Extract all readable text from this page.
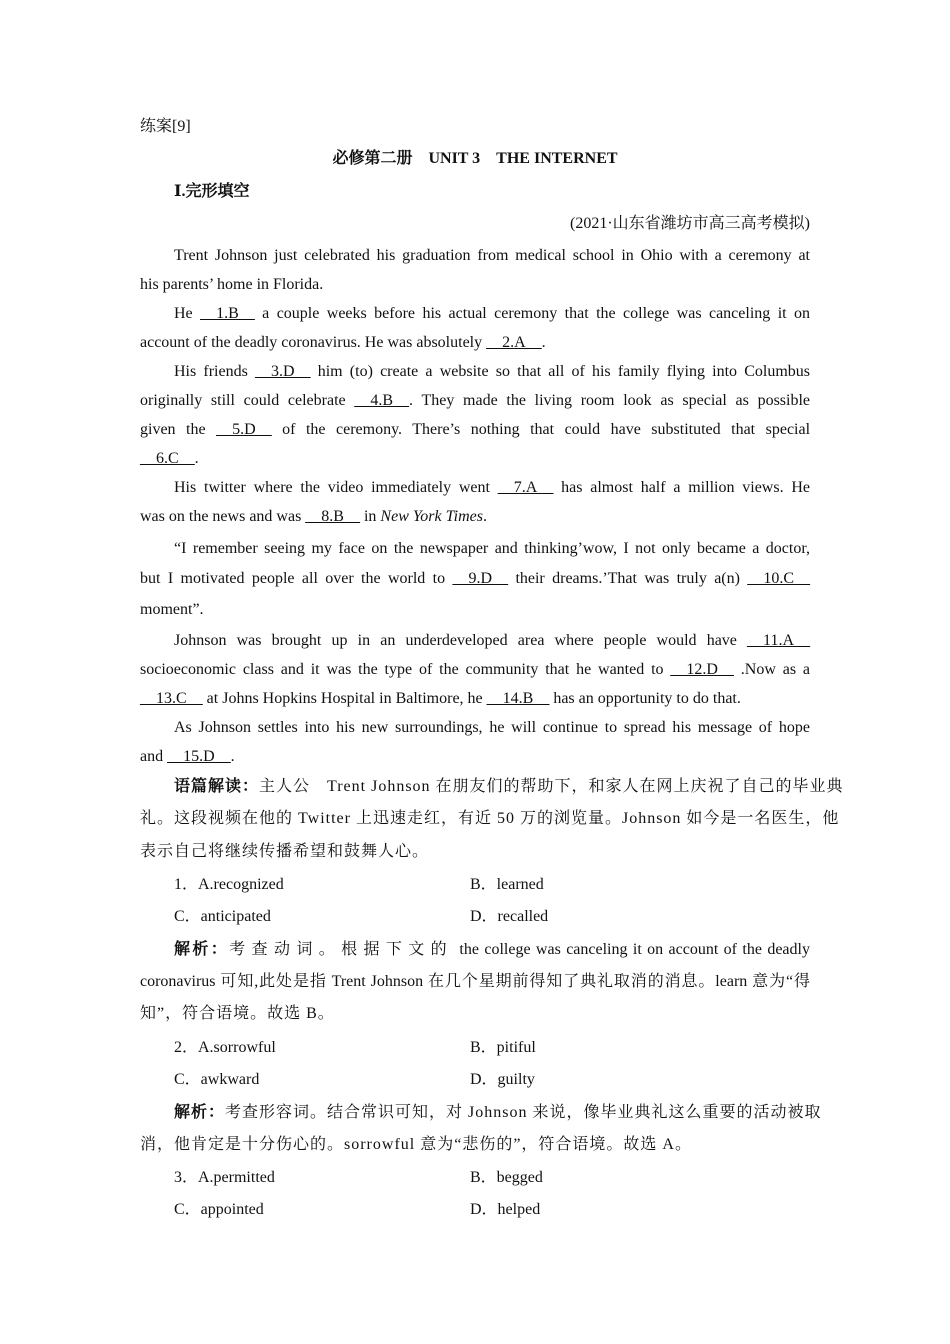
练案[9]
必修第二册　UNIT 3　THE INTERNET
Ⅰ.完形填空
(2021·山东省潍坊市高三高考模拟)
Trent Johnson just celebrated his graduation from medical school in Ohio with a ceremony at
his parents’ home in Florida.
He __1.B__ a couple weeks before his actual ceremony that the college was canceling it on
account of the deadly coronavirus. He was absolutely __2.A__.
His friends __3.D__ him (to) create a website so that all of his family flying into Columbus
originally still could celebrate __4.B__. They made the living room look as special as possible
given the __5.D__ of the ceremony. There’s nothing that could have substituted that special
__6.C__.
His twitter where the video immediately went __7.A__ has almost half a million views. He
was on the news and was __8.B__ in New York Times.
“I remember seeing my face on the newspaper and thinking’wow, I not only became a doctor,
but I motivated people all over the world to __9.D__ their dreams.’That was truly a(n) __10.C__
moment”.
Johnson was brought up in an underdeveloped area where people would have __11.A__
socioeconomic class and it was the type of the community that he wanted to __12.D__ .Now as a
__13.C__ at Johns Hopkins Hospital in Baltimore, he __14.B__ has an opportunity to do that.
As Johnson settles into his new surroundings, he will continue to spread his message of hope
and __15.D__.
语篇解读：主人公　Trent Johnson 在朋友们的帮助下，和家人在网上庆祝了自己的毕业典
礼。这段视频在他的 Twitter 上迅速走红，有近 50 万的浏览量。Johnson 如今是一名医生，他
表示自己将继续传播希望和鼓舞人心。
1．A.recognized	B．learned
C．anticipated	D．recalled
解析：考查动词。根据下文的 the college was canceling it on account of the deadly
coronavirus 可知,此处是指 Trent Johnson 在几个星期前得知了典礼取消的消息。learn 意为“得
知”，符合语境。故选 B。
2．A.sorrowful	B．pitiful
C．awkward	D．guilty
解析：考查形容词。结合常识可知，对 Johnson 来说，像毕业典礼这么重要的活动被取
消，他肯定是十分伤心的。sorrowful 意为“悲伤的”，符合语境。故选 A。
3．A.permitted	B．begged
C．appointed	D．helped
